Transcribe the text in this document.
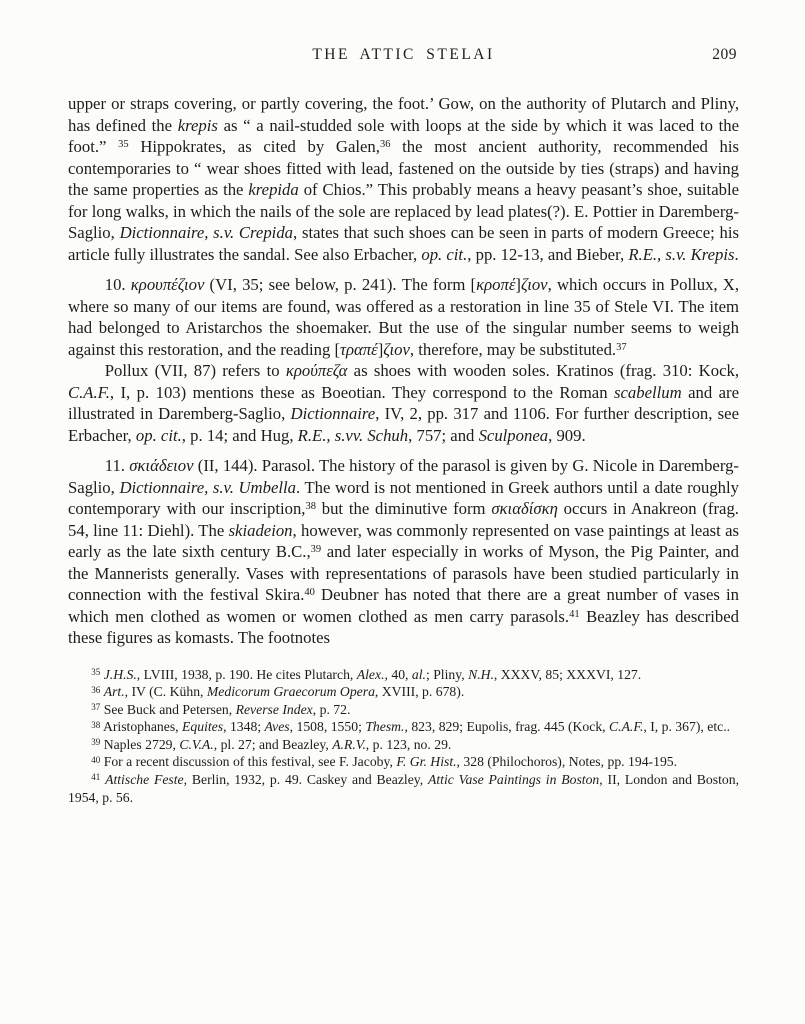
THE ATTIC STELAI	209

upper or straps covering, or partly covering, the foot.’ Gow, on the authority of Plutarch and Pliny, has defined the krepis as “ a nail-studded sole with loops at the side by which it was laced to the foot.” $^{35}$ Hippokrates, as cited by Galen,$^{36}$ the most ancient authority, recommended his contemporaries to “ wear shoes fitted with lead, fastened on the outside by ties (straps) and having the same properties as the krepida of Chios.” This probably means a heavy peasant’s shoe, suitable for long walks, in which the nails of the sole are replaced by lead plates(?). E. Pottier in Daremberg-Saglio, Dictionnaire, s.v. Crepida, states that such shoes can be seen in parts of modern Greece; his article fully illustrates the sandal. See also Erbacher, op. cit., pp. 12-13, and Bieber, R.E., s.v. Krepis.

10. κρουπέζιον (VI, 35; see below, p. 241). The form [κροπέ]ζιον, which occurs in Pollux, X, where so many of our items are found, was offered as a restoration in line 35 of Stele VI. The item had belonged to Aristarchos the shoemaker. But the use of the singular number seems to weigh against this restoration, and the reading [τραπέ]ζιον, therefore, may be substituted.$^{37}$

Pollux (VII, 87) refers to κρούπεζα as shoes with wooden soles. Kratinos (frag. 310: Kock, C.A.F., I, p. 103) mentions these as Boeotian. They correspond to the Roman scabellum and are illustrated in Daremberg-Saglio, Dictionnaire, IV, 2, pp. 317 and 1106. For further description, see Erbacher, op. cit., p. 14; and Hug, R.E., s.vv. Schuh, 757; and Sculponea, 909.

11. σκιάδειον (II, 144). Parasol. The history of the parasol is given by G. Nicole in Daremberg-Saglio, Dictionnaire, s.v. Umbella. The word is not mentioned in Greek authors until a date roughly contemporary with our inscription,$^{38}$ but the diminutive form σκιαδίσκη occurs in Anakreon (frag. 54, line 11: Diehl). The skiadeion, however, was commonly represented on vase paintings at least as early as the late sixth century B.C.,$^{39}$ and later especially in works of Myson, the Pig Painter, and the Mannerists generally. Vases with representations of parasols have been studied particularly in connection with the festival Skira.$^{40}$ Deubner has noted that there are a great number of vases in which men clothed as women or women clothed as men carry parasols.$^{41}$ Beazley has described these figures as komasts. The footnotes

$^{35}$ J.H.S., LVIII, 1938, p. 190. He cites Plutarch, Alex., 40, al.; Pliny, N.H., XXXV, 85; XXXVI, 127.

$^{36}$ Art., IV (C. Kühn, Medicorum Graecorum Opera, XVIII, p. 678).

$^{37}$ See Buck and Petersen, Reverse Index, p. 72.

$^{38}$ Aristophanes, Equites, 1348; Aves, 1508, 1550; Thesm., 823, 829; Eupolis, frag. 445 (Kock, C.A.F., I, p. 367), etc..

$^{39}$ Naples 2729, C.V.A., pl. 27; and Beazley, A.R.V., p. 123, no. 29.

$^{40}$ For a recent discussion of this festival, see F. Jacoby, F. Gr. Hist., 328 (Philochoros), Notes, pp. 194-195.

$^{41}$ Attische Feste, Berlin, 1932, p. 49. Caskey and Beazley, Attic Vase Paintings in Boston, II, London and Boston, 1954, p. 56.
